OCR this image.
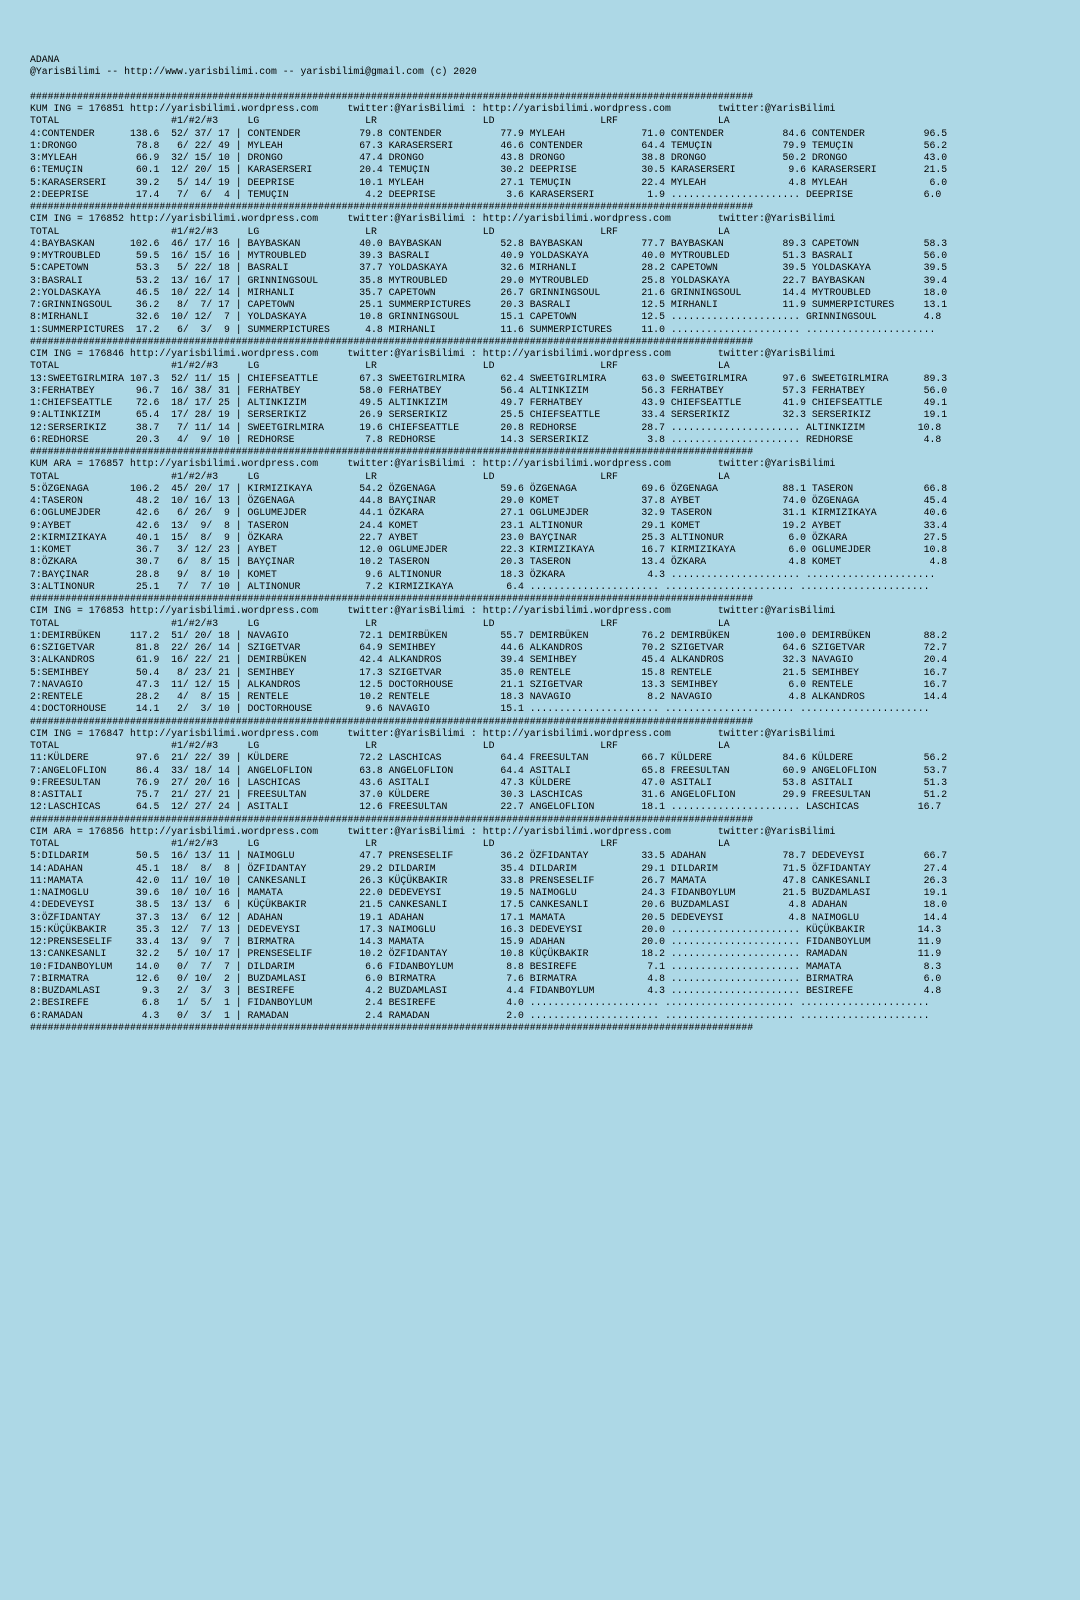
ADANA
@YarisBilimi -- http://www.yarisbilimi.com -- yarisbilimi@gmail.com (c) 2020

###########################################################################################################################
KUM ING = 176851 http://yarisbilimi.wordpress.com     twitter:@YarisBilimi : http://yarisbilimi.wordpress.com        twitter:@YarisBilimi
TOTAL                   #1/#2/#3     LG                  LR                  LD                  LRF                 LA
4:CONTENDER      138.6  52/ 37/ 17 | CONTENDER          79.8 CONTENDER          77.9 MYLEAH             71.0 CONTENDER          84.6 CONTENDER          96.5
1:DRONGO          78.8   6/ 22/ 49 | MYLEAH             67.3 KARASERSERI        46.6 CONTENDER          64.4 TEMUÇIN            79.9 TEMUÇIN            56.2
3:MYLEAH          66.9  32/ 15/ 10 | DRONGO             47.4 DRONGO             43.8 DRONGO             38.8 DRONGO             50.2 DRONGO             43.0
6:TEMUÇIN         60.1  12/ 20/ 15 | KARASERSERI        20.4 TEMUÇIN            30.2 DEEPRISE           30.5 KARASERSERI         9.6 KARASERSERI        21.5
5:KARASERSERI     39.2   5/ 14/ 19 | DEEPRISE           10.1 MYLEAH             27.1 TEMUÇIN            22.4 MYLEAH              4.8 MYLEAH              6.0
2:DEEPRISE        17.4   7/  6/  4 | TEMUÇIN             4.2 DEEPRISE            3.6 KARASERSERI         1.9 ...................... DEEPRISE            6.0
###########################################################################################################################
CIM ING = 176852 http://yarisbilimi.wordpress.com     twitter:@YarisBilimi : http://yarisbilimi.wordpress.com        twitter:@YarisBilimi
TOTAL                   #1/#2/#3     LG                  LR                  LD                  LRF                 LA
4:BAYBASKAN      102.6  46/ 17/ 16 | BAYBASKAN          40.0 BAYBASKAN          52.8 BAYBASKAN          77.7 BAYBASKAN          89.3 CAPETOWN           58.3
9:MYTROUBLED      59.5  16/ 15/ 16 | MYTROUBLED         39.3 BASRALI            40.9 YOLDASKAYA         40.0 MYTROUBLED         51.3 BASRALI            56.0
5:CAPETOWN        53.3   5/ 22/ 18 | BASRALI            37.7 YOLDASKAYA         32.6 MIRHANLI           28.2 CAPETOWN           39.5 YOLDASKAYA         39.5
3:BASRALI         53.2  13/ 16/ 17 | GRINNINGSOUL       35.8 MYTROUBLED         29.0 MYTROUBLED         25.8 YOLDASKAYA         22.7 BAYBASKAN          39.4
2:YOLDASKAYA      46.5  10/ 22/ 14 | MIRHANLI           35.7 CAPETOWN           26.7 GRINNINGSOUL       21.6 GRINNINGSOUL       14.4 MYTROUBLED         18.0
7:GRINNINGSOUL    36.2   8/  7/ 17 | CAPETOWN           25.1 SUMMERPICTURES     20.3 BASRALI            12.5 MIRHANLI           11.9 SUMMERPICTURES     13.1
8:MIRHANLI        32.6  10/ 12/  7 | YOLDASKAYA         10.8 GRINNINGSOUL       15.1 CAPETOWN           12.5 ...................... GRINNINGSOUL        4.8
1:SUMMERPICTURES  17.2   6/  3/  9 | SUMMERPICTURES      4.8 MIRHANLI           11.6 SUMMERPICTURES     11.0 ...................... ......................
###########################################################################################################################
CIM ING = 176846 http://yarisbilimi.wordpress.com     twitter:@YarisBilimi : http://yarisbilimi.wordpress.com        twitter:@YarisBilimi
TOTAL                   #1/#2/#3     LG                  LR                  LD                  LRF                 LA
13:SWEETGIRLMIRA 107.3  52/ 11/ 15 | CHIEFSEATTLE       67.3 SWEETGIRLMIRA      62.4 SWEETGIRLMIRA      63.0 SWEETGIRLMIRA      97.6 SWEETGIRLMIRA      89.3
3:FERHATBEY       96.7  16/ 38/ 31 | FERHATBEY          58.0 FERHATBEY          56.4 ALTINKIZIM         56.3 FERHATBEY          57.3 FERHATBEY          56.0
1:CHIEFSEATTLE    72.6  18/ 17/ 25 | ALTINKIZIM         49.5 ALTINKIZIM         49.7 FERHATBEY          43.9 CHIEFSEATTLE       41.9 CHIEFSEATTLE       49.1
9:ALTINKIZIM      65.4  17/ 28/ 19 | SERSERIKIZ         26.9 SERSERIKIZ         25.5 CHIEFSEATTLE       33.4 SERSERIKIZ         32.3 SERSERIKIZ         19.1
12:SERSERIKIZ     38.7   7/ 11/ 14 | SWEETGIRLMIRA      19.6 CHIEFSEATTLE       20.8 REDHORSE           28.7 ...................... ALTINKIZIM         10.8
6:REDHORSE        20.3   4/  9/ 10 | REDHORSE            7.8 REDHORSE           14.3 SERSERIKIZ          3.8 ...................... REDHORSE            4.8
###########################################################################################################################
KUM ARA = 176857 http://yarisbilimi.wordpress.com     twitter:@YarisBilimi : http://yarisbilimi.wordpress.com        twitter:@YarisBilimi
TOTAL                   #1/#2/#3     LG                  LR                  LD                  LRF                 LA
5:ÖZGENAGA       106.2  45/ 20/ 17 | KIRMIZIKAYA        54.2 ÖZGENAGA           59.6 ÖZGENAGA           69.6 ÖZGENAGA           88.1 TASERON            66.8
4:TASERON         48.2  10/ 16/ 13 | ÖZGENAGA           44.8 BAYÇINAR           29.0 KOMET              37.8 AYBET              74.0 ÖZGENAGA           45.4
6:OGLUMEJDER      42.6   6/ 26/  9 | OGLUMEJDER         44.1 ÖZKARA             27.1 OGLUMEJDER         32.9 TASERON            31.1 KIRMIZIKAYA        40.6
9:AYBET           42.6  13/  9/  8 | TASERON            24.4 KOMET              23.1 ALTINONUR          29.1 KOMET              19.2 AYBET              33.4
2:KIRMIZIKAYA     40.1  15/  8/  9 | ÖZKARA             22.7 AYBET              23.0 BAYÇINAR           25.3 ALTINONUR           6.0 ÖZKARA             27.5
1:KOMET           36.7   3/ 12/ 23 | AYBET              12.0 OGLUMEJDER         22.3 KIRMIZIKAYA        16.7 KIRMIZIKAYA         6.0 OGLUMEJDER         10.8
8:ÖZKARA          30.7   6/  8/ 15 | BAYÇINAR           10.2 TASERON            20.3 TASERON            13.4 ÖZKARA              4.8 KOMET               4.8
7:BAYÇINAR        28.8   9/  8/ 10 | KOMET               9.6 ALTINONUR          18.3 ÖZKARA              4.3 ...................... ......................
3:ALTINONUR       25.1   7/  7/ 10 | ALTINONUR           7.2 KIRMIZIKAYA         6.4 ...................... ...................... ......................
###########################################################################################################################
CIM ING = 176853 http://yarisbilimi.wordpress.com     twitter:@YarisBilimi : http://yarisbilimi.wordpress.com        twitter:@YarisBilimi
TOTAL                   #1/#2/#3     LG                  LR                  LD                  LRF                 LA
1:DEMIRBÜKEN     117.2  51/ 20/ 18 | NAVAGIO            72.1 DEMIRBÜKEN         55.7 DEMIRBÜKEN         76.2 DEMIRBÜKEN        100.0 DEMIRBÜKEN         88.2
6:SZIGETVAR       81.8  22/ 26/ 14 | SZIGETVAR          64.9 SEMIHBEY           44.6 ALKANDROS          70.2 SZIGETVAR          64.6 SZIGETVAR          72.7
3:ALKANDROS       61.9  16/ 22/ 21 | DEMIRBÜKEN         42.4 ALKANDROS          39.4 SEMIHBEY           45.4 ALKANDROS          32.3 NAVAGIO            20.4
5:SEMIHBEY        50.4   8/ 23/ 21 | SEMIHBEY           17.3 SZIGETVAR          35.0 RENTELE            15.8 RENTELE            21.5 SEMIHBEY           16.7
7:NAVAGIO         47.3  11/ 12/ 15 | ALKANDROS          12.5 DOCTORHOUSE        21.1 SZIGETVAR          13.3 SEMIHBEY            6.0 RENTELE            16.7
2:RENTELE         28.2   4/  8/ 15 | RENTELE            10.2 RENTELE            18.3 NAVAGIO             8.2 NAVAGIO             4.8 ALKANDROS          14.4
4:DOCTORHOUSE     14.1   2/  3/ 10 | DOCTORHOUSE         9.6 NAVAGIO            15.1 ...................... ...................... ......................
###########################################################################################################################
CIM ING = 176847 http://yarisbilimi.wordpress.com     twitter:@YarisBilimi : http://yarisbilimi.wordpress.com        twitter:@YarisBilimi
TOTAL                   #1/#2/#3     LG                  LR                  LD                  LRF                 LA
11:KÜLDERE        97.6  21/ 22/ 39 | KÜLDERE            72.2 LASCHICAS          64.4 FREESULTAN         66.7 KÜLDERE            84.6 KÜLDERE            56.2
7:ANGELOFLION     86.4  33/ 18/ 14 | ANGELOFLION        63.8 ANGELOFLION        64.4 ASITALI            65.8 FREESULTAN         60.9 ANGELOFLION        53.7
9:FREESULTAN      76.9  27/ 20/ 16 | LASCHICAS          43.6 ASITALI            47.3 KÜLDERE            47.0 ASITALI            53.8 ASITALI            51.3
8:ASITALI         75.7  21/ 27/ 21 | FREESULTAN         37.0 KÜLDERE            30.3 LASCHICAS          31.6 ANGELOFLION        29.9 FREESULTAN         51.2
12:LASCHICAS      64.5  12/ 27/ 24 | ASITALI            12.6 FREESULTAN         22.7 ANGELOFLION        18.1 ...................... LASCHICAS          16.7
###########################################################################################################################
CIM ARA = 176856 http://yarisbilimi.wordpress.com     twitter:@YarisBilimi : http://yarisbilimi.wordpress.com        twitter:@YarisBilimi
TOTAL                   #1/#2/#3     LG                  LR                  LD                  LRF                 LA
5:DILDARIM        50.5  16/ 13/ 11 | NAIMOGLU           47.7 PRENSESELIF        36.2 ÖZFIDANTAY         33.5 ADAHAN             78.7 DEDEVEYSI          66.7
14:ADAHAN         45.1  18/  8/  8 | ÖZFIDANTAY         29.2 DILDARIM           35.4 DILDARIM           29.1 DILDARIM           71.5 ÖZFIDANTAY         27.4
11:MAMATA         42.0  11/ 10/ 10 | CANKESANLI         26.3 KÜÇÜKBAKIR         33.8 PRENSESELIF        26.7 MAMATA             47.8 CANKESANLI         26.3
1:NAIMOGLU        39.6  10/ 10/ 16 | MAMATA             22.0 DEDEVEYSI          19.5 NAIMOGLU           24.3 FIDANBOYLUM        21.5 BUZDAMLASI         19.1
4:DEDEVEYSI       38.5  13/ 13/  6 | KÜÇÜKBAKIR         21.5 CANKESANLI         17.5 CANKESANLI         20.6 BUZDAMLASI          4.8 ADAHAN             18.0
3:ÖZFIDANTAY      37.3  13/  6/ 12 | ADAHAN             19.1 ADAHAN             17.1 MAMATA             20.5 DEDEVEYSI           4.8 NAIMOGLU           14.4
15:KÜÇÜKBAKIR     35.3  12/  7/ 13 | DEDEVEYSI          17.3 NAIMOGLU           16.3 DEDEVEYSI          20.0 ...................... KÜÇÜKBAKIR         14.3
12:PRENSESELIF    33.4  13/  9/  7 | BIRMATRA           14.3 MAMATA             15.9 ADAHAN             20.0 ...................... FIDANBOYLUM        11.9
13:CANKESANLI     32.2   5/ 10/ 17 | PRENSESELIF        10.2 ÖZFIDANTAY         10.8 KÜÇÜKBAKIR         18.2 ...................... RAMADAN            11.9
10:FIDANBOYLUM    14.0   0/  7/  7 | DILDARIM            6.6 FIDANBOYLUM         8.8 BESIREFE            7.1 ...................... MAMATA              8.3
7:BIRMATRA        12.6   0/ 10/  2 | BUZDAMLASI          6.0 BIRMATRA            7.6 BIRMATRA            4.8 ...................... BIRMATRA            6.0
8:BUZDAMLASI       9.3   2/  3/  3 | BESIREFE            4.2 BUZDAMLASI          4.4 FIDANBOYLUM         4.3 ...................... BESIREFE            4.8
2:BESIREFE         6.8   1/  5/  1 | FIDANBOYLUM         2.4 BESIREFE            4.0 ...................... ...................... ......................
6:RAMADAN          4.3   0/  3/  1 | RAMADAN             2.4 RAMADAN             2.0 ...................... ...................... ......................
###########################################################################################################################
